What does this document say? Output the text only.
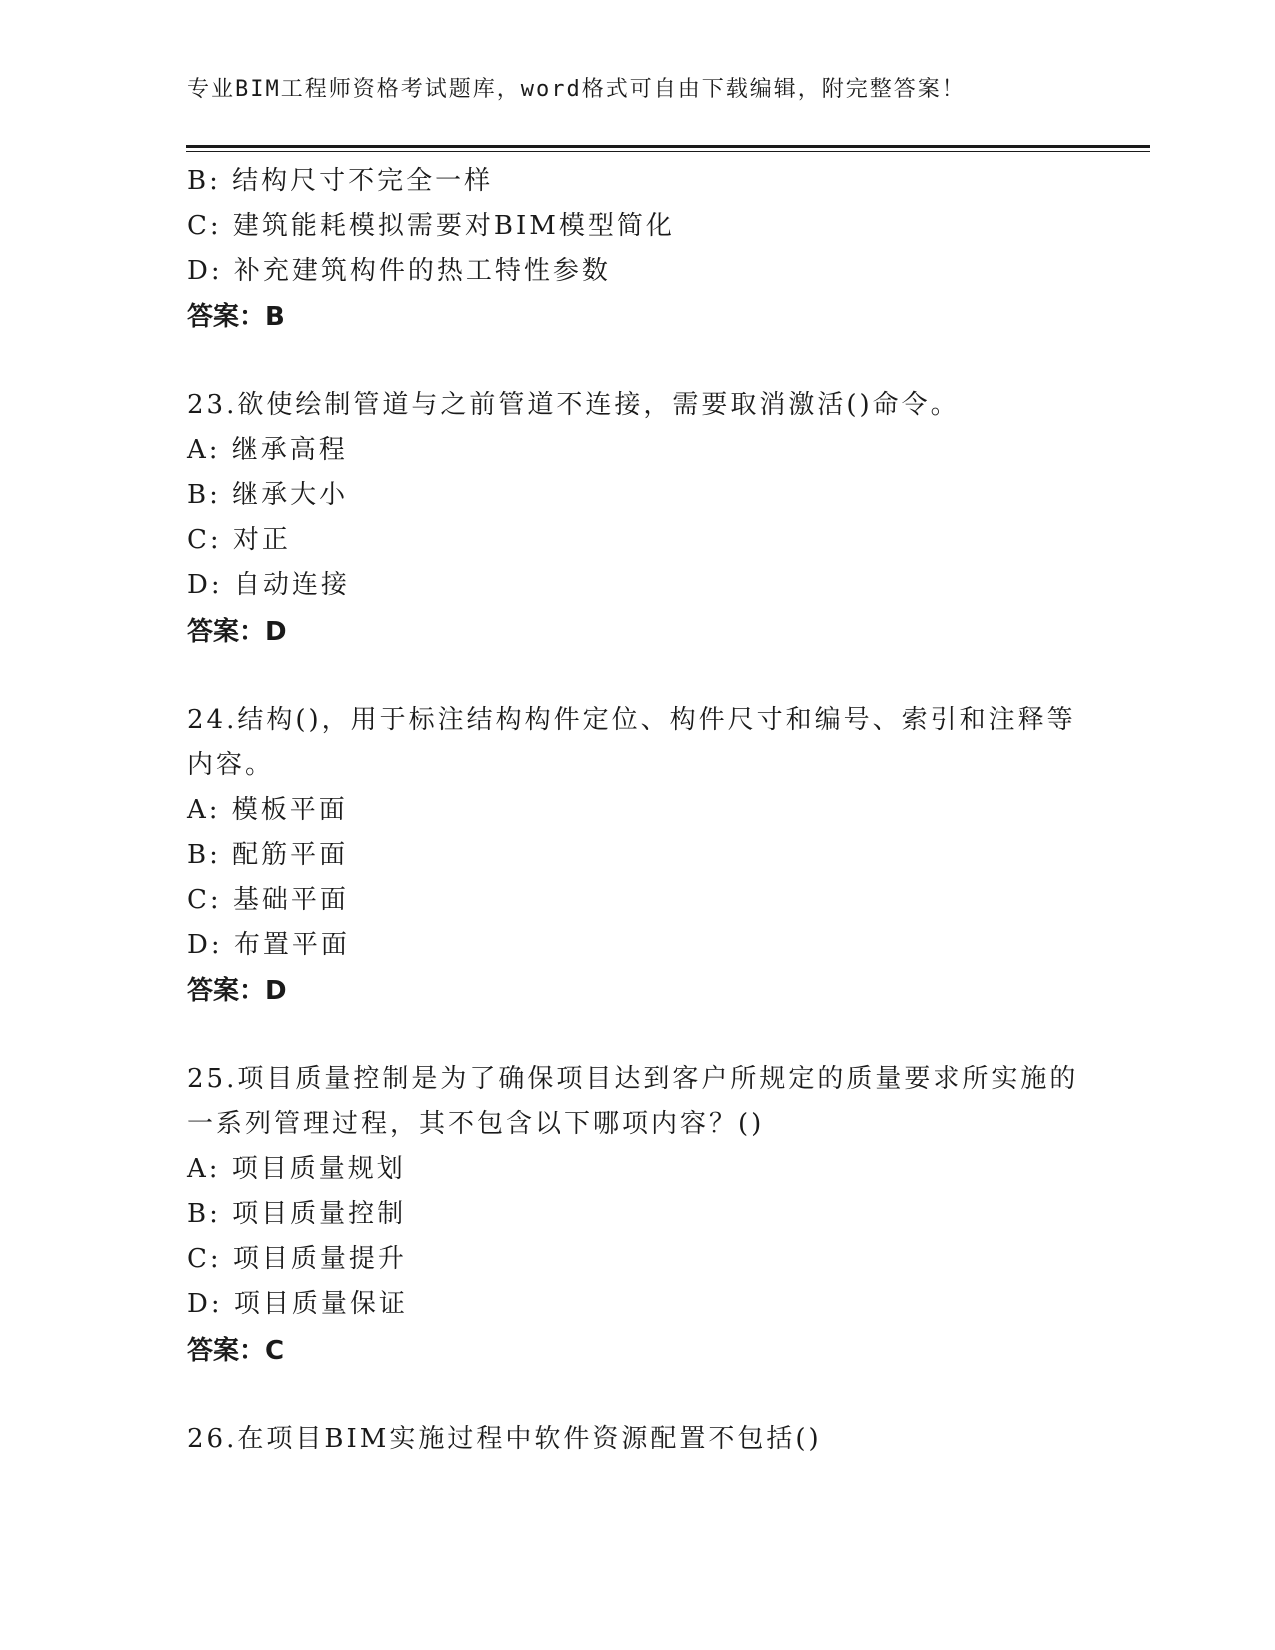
专业BIM工程师资格考试题库，word格式可自由下载编辑，附完整答案！
B: 结构尺寸不完全一样
C: 建筑能耗模拟需要对BIM模型简化
D: 补充建筑构件的热工特性参数
答案：B
23.欲使绘制管道与之前管道不连接，需要取消激活()命令。
A: 继承高程
B: 继承大小
C: 对正
D: 自动连接
答案：D
24.结构()，用于标注结构构件定位、构件尺寸和编号、索引和注释等
内容。
A: 模板平面
B: 配筋平面
C: 基础平面
D: 布置平面
答案：D
25.项目质量控制是为了确保项目达到客户所规定的质量要求所实施的
一系列管理过程，其不包含以下哪项内容？()
A: 项目质量规划
B: 项目质量控制
C: 项目质量提升
D: 项目质量保证
答案：C
26.在项目BIM实施过程中软件资源配置不包括()
